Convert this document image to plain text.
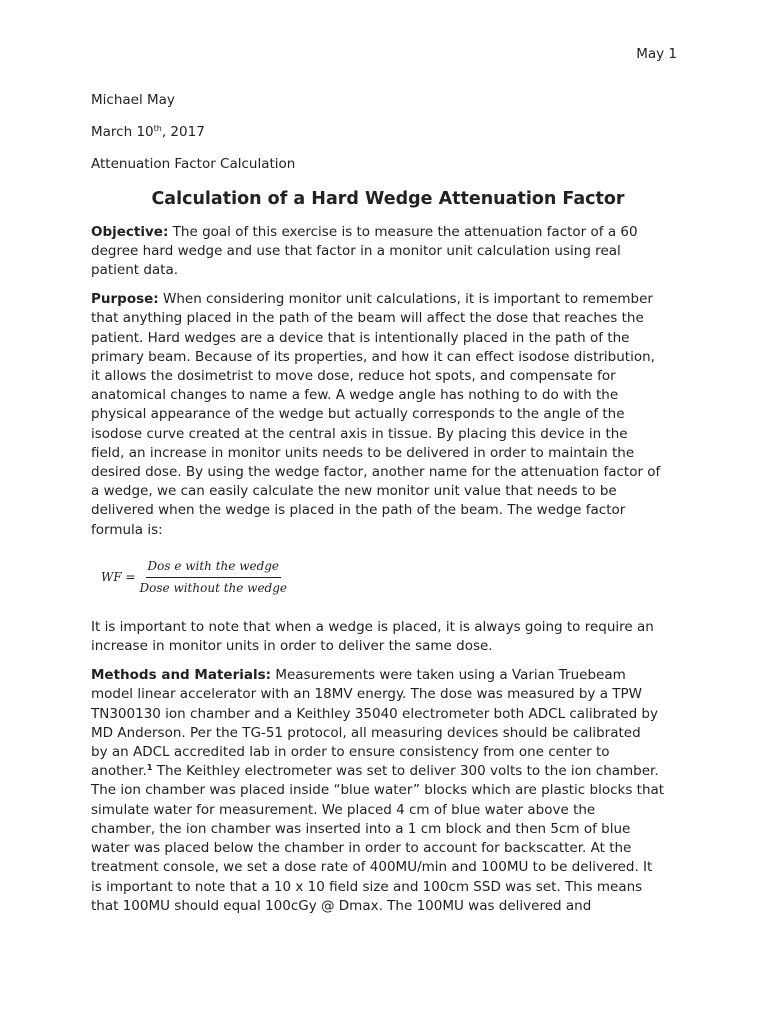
May 1
Michael May
March 10th, 2017
Attenuation Factor Calculation
Calculation of a Hard Wedge Attenuation Factor
Objective: The goal of this exercise is to measure the attenuation factor of a 60
degree hard wedge and use that factor in a monitor unit calculation using real
patient data.
Purpose: When considering monitor unit calculations, it is important to remember
that anything placed in the path of the beam will affect the dose that reaches the
patient. Hard wedges are a device that is intentionally placed in the path of the
primary beam. Because of its properties, and how it can effect isodose distribution,
it allows the dosimetrist to move dose, reduce hot spots, and compensate for
anatomical changes to name a few. A wedge angle has nothing to do with the
physical appearance of the wedge but actually corresponds to the angle of the
isodose curve created at the central axis in tissue. By placing this device in the
field, an increase in monitor units needs to be delivered in order to maintain the
desired dose. By using the wedge factor, another name for the attenuation factor of
a wedge, we can easily calculate the new monitor unit value that needs to be
delivered when the wedge is placed in the path of the beam. The wedge factor
formula is:
WF = $\frac{\text{Dos e with the wedge}}{\text{Dose without the wedge}}$
It is important to note that when a wedge is placed, it is always going to require an
increase in monitor units in order to deliver the same dose.
Methods and Materials: Measurements were taken using a Varian Truebeam
model linear accelerator with an 18MV energy. The dose was measured by a TPW
TN300130 ion chamber and a Keithley 35040 electrometer both ADCL calibrated by
MD Anderson. Per the TG-51 protocol, all measuring devices should be calibrated
by an ADCL accredited lab in order to ensure consistency from one center to
another.$^1$ The Keithley electrometer was set to deliver 300 volts to the ion chamber.
The ion chamber was placed inside “blue water” blocks which are plastic blocks that
simulate water for measurement. We placed 4 cm of blue water above the
chamber, the ion chamber was inserted into a 1 cm block and then 5cm of blue
water was placed below the chamber in order to account for backscatter. At the
treatment console, we set a dose rate of 400MU/min and 100MU to be delivered. It
is important to note that a 10 x 10 field size and 100cm SSD was set. This means
that 100MU should equal 100cGy @ Dmax. The 100MU was delivered and
